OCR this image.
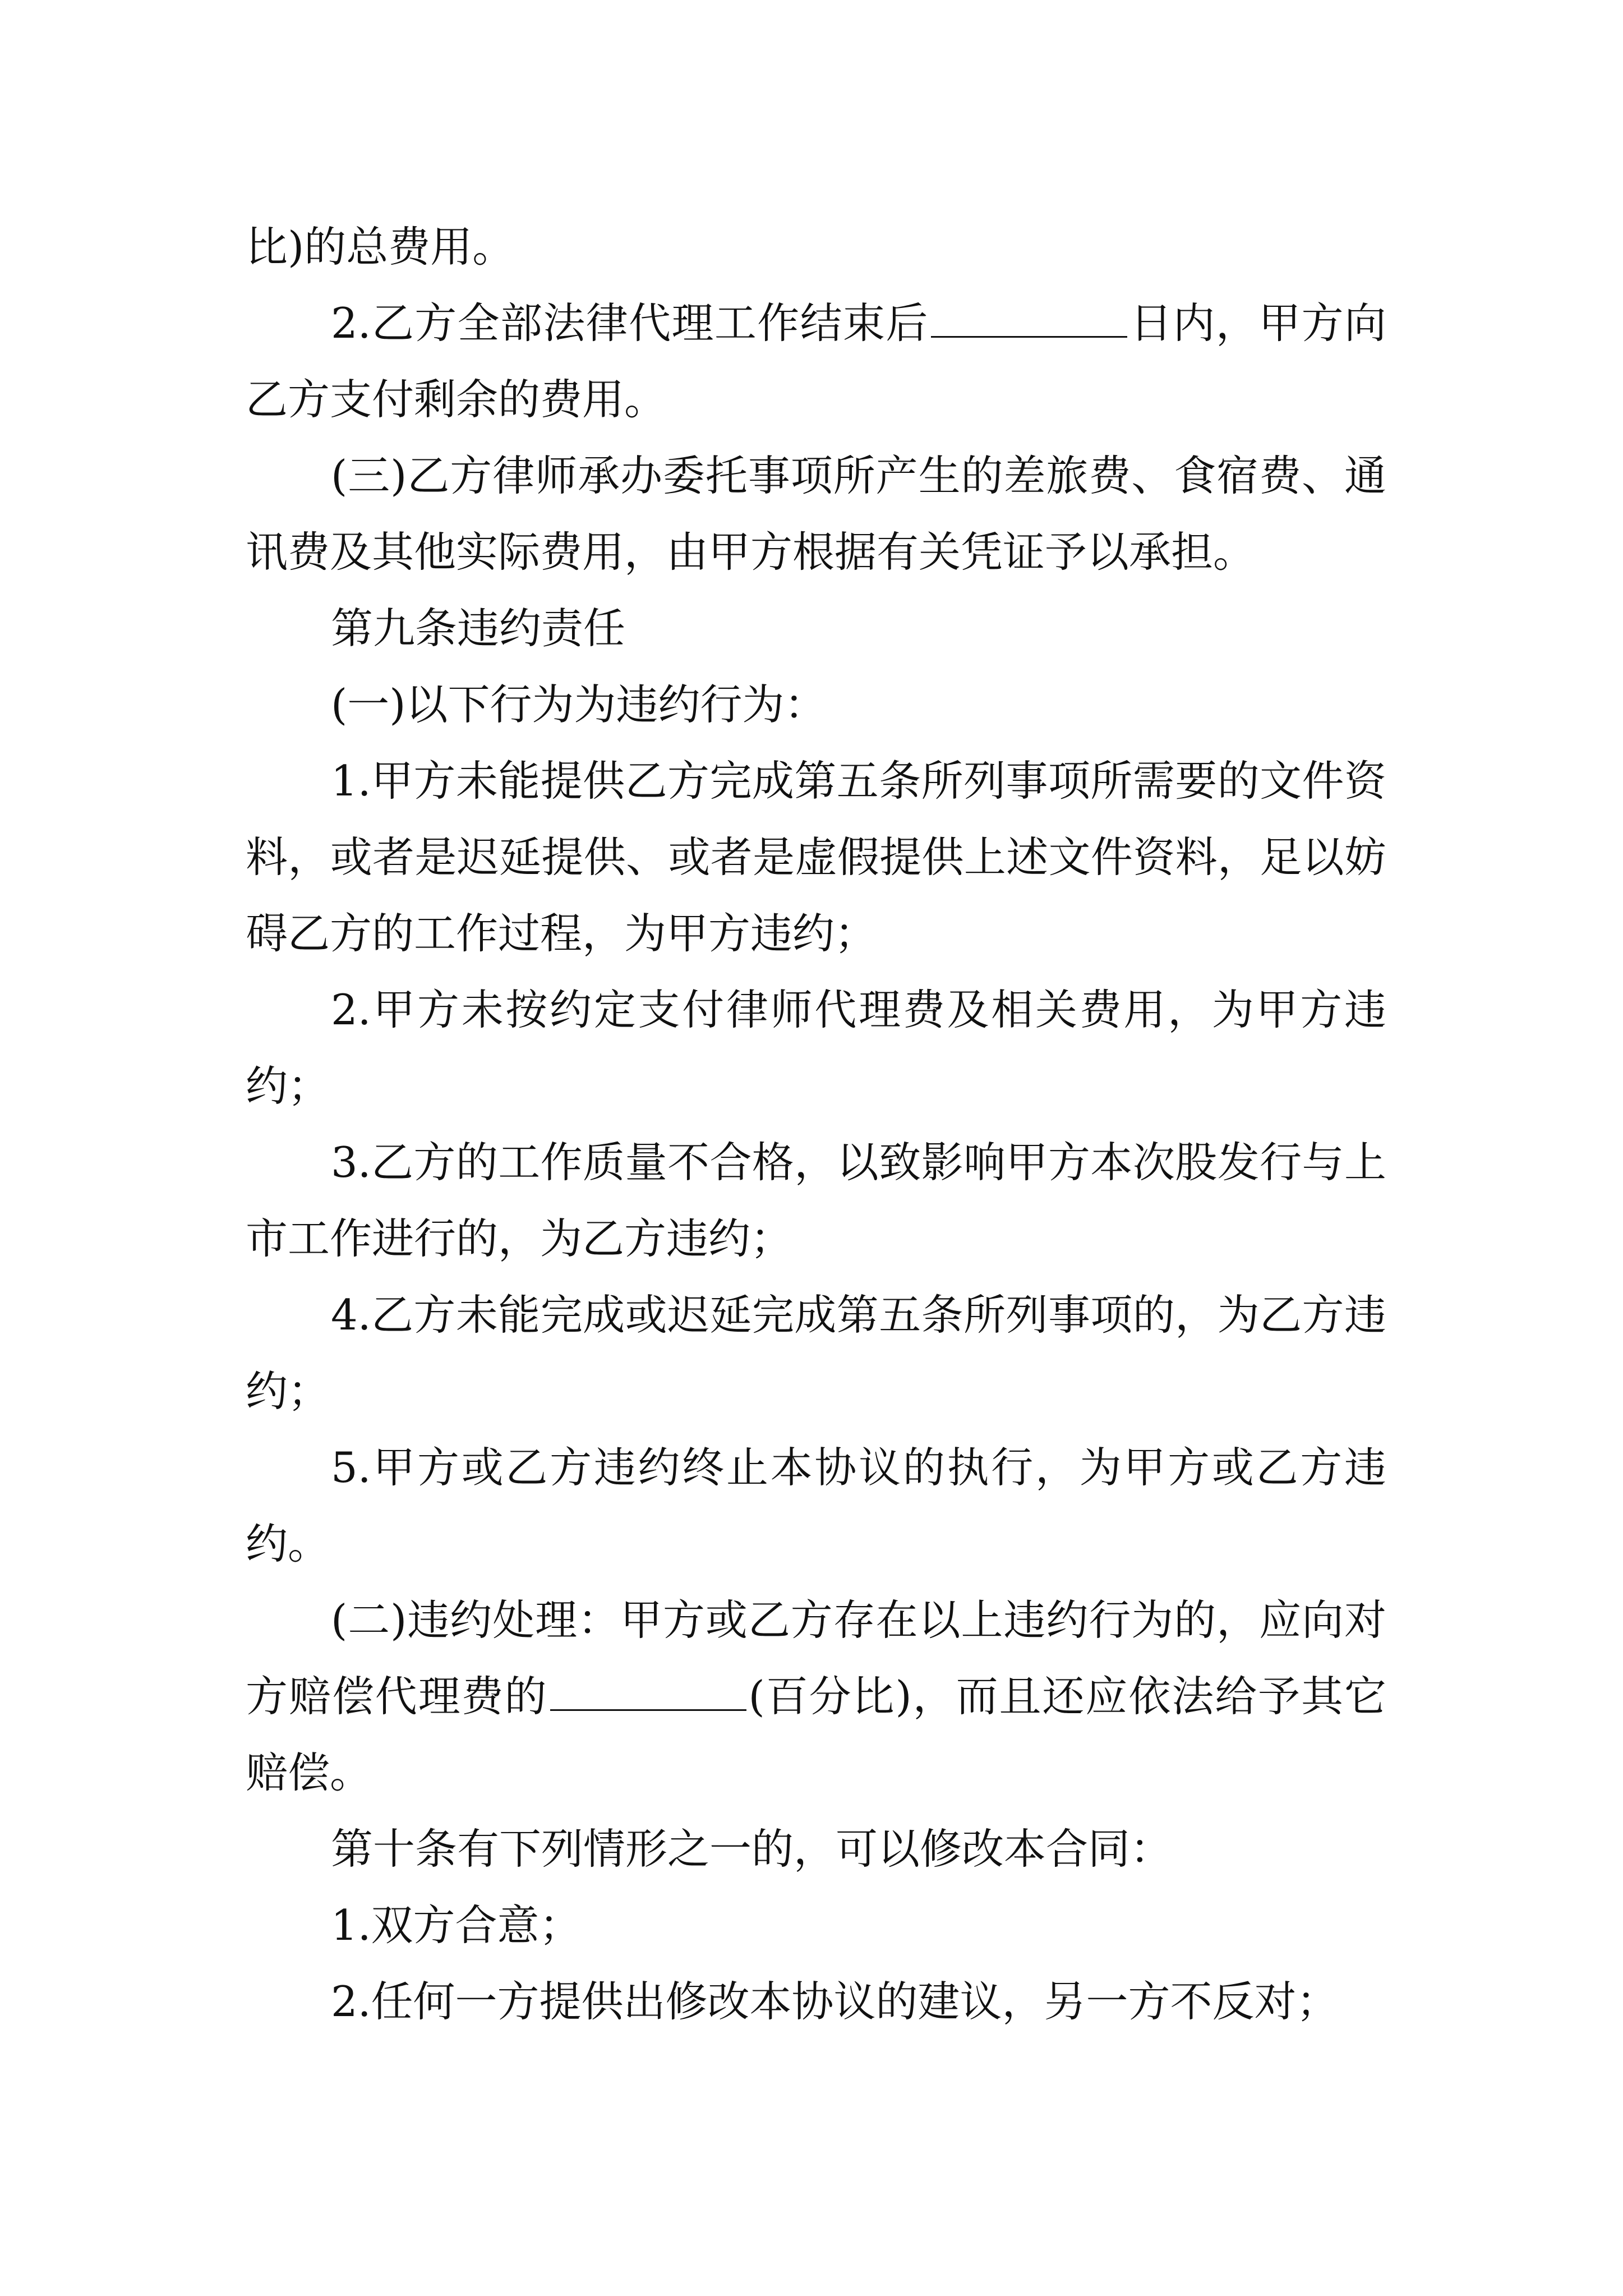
比)的总费用。

2.乙方全部法律代理工作结束后	日内，甲方向乙方支付剩余的费用。

(三)乙方律师承办委托事项所产生的差旅费、食宿费、通讯费及其他实际费用，由甲方根据有关凭证予以承担。

第九条违约责任

(一)以下行为为违约行为：

1.甲方未能提供乙方完成第五条所列事项所需要的文件资料，或者是迟延提供、或者是虚假提供上述文件资料，足以妨碍乙方的工作过程，为甲方违约；

2.甲方未按约定支付律师代理费及相关费用，为甲方违约；

3.乙方的工作质量不合格，以致影响甲方本次股发行与上市工作进行的，为乙方违约；

4.乙方未能完成或迟延完成第五条所列事项的，为乙方违约；

5.甲方或乙方违约终止本协议的执行，为甲方或乙方违约。

(二)违约处理：甲方或乙方存在以上违约行为的，应向对方赔偿代理费的	(百分比)，而且还应依法给予其它赔偿。

第十条有下列情形之一的，可以修改本合同：

1.双方合意；

2.任何一方提供出修改本协议的建议，另一方不反对；
